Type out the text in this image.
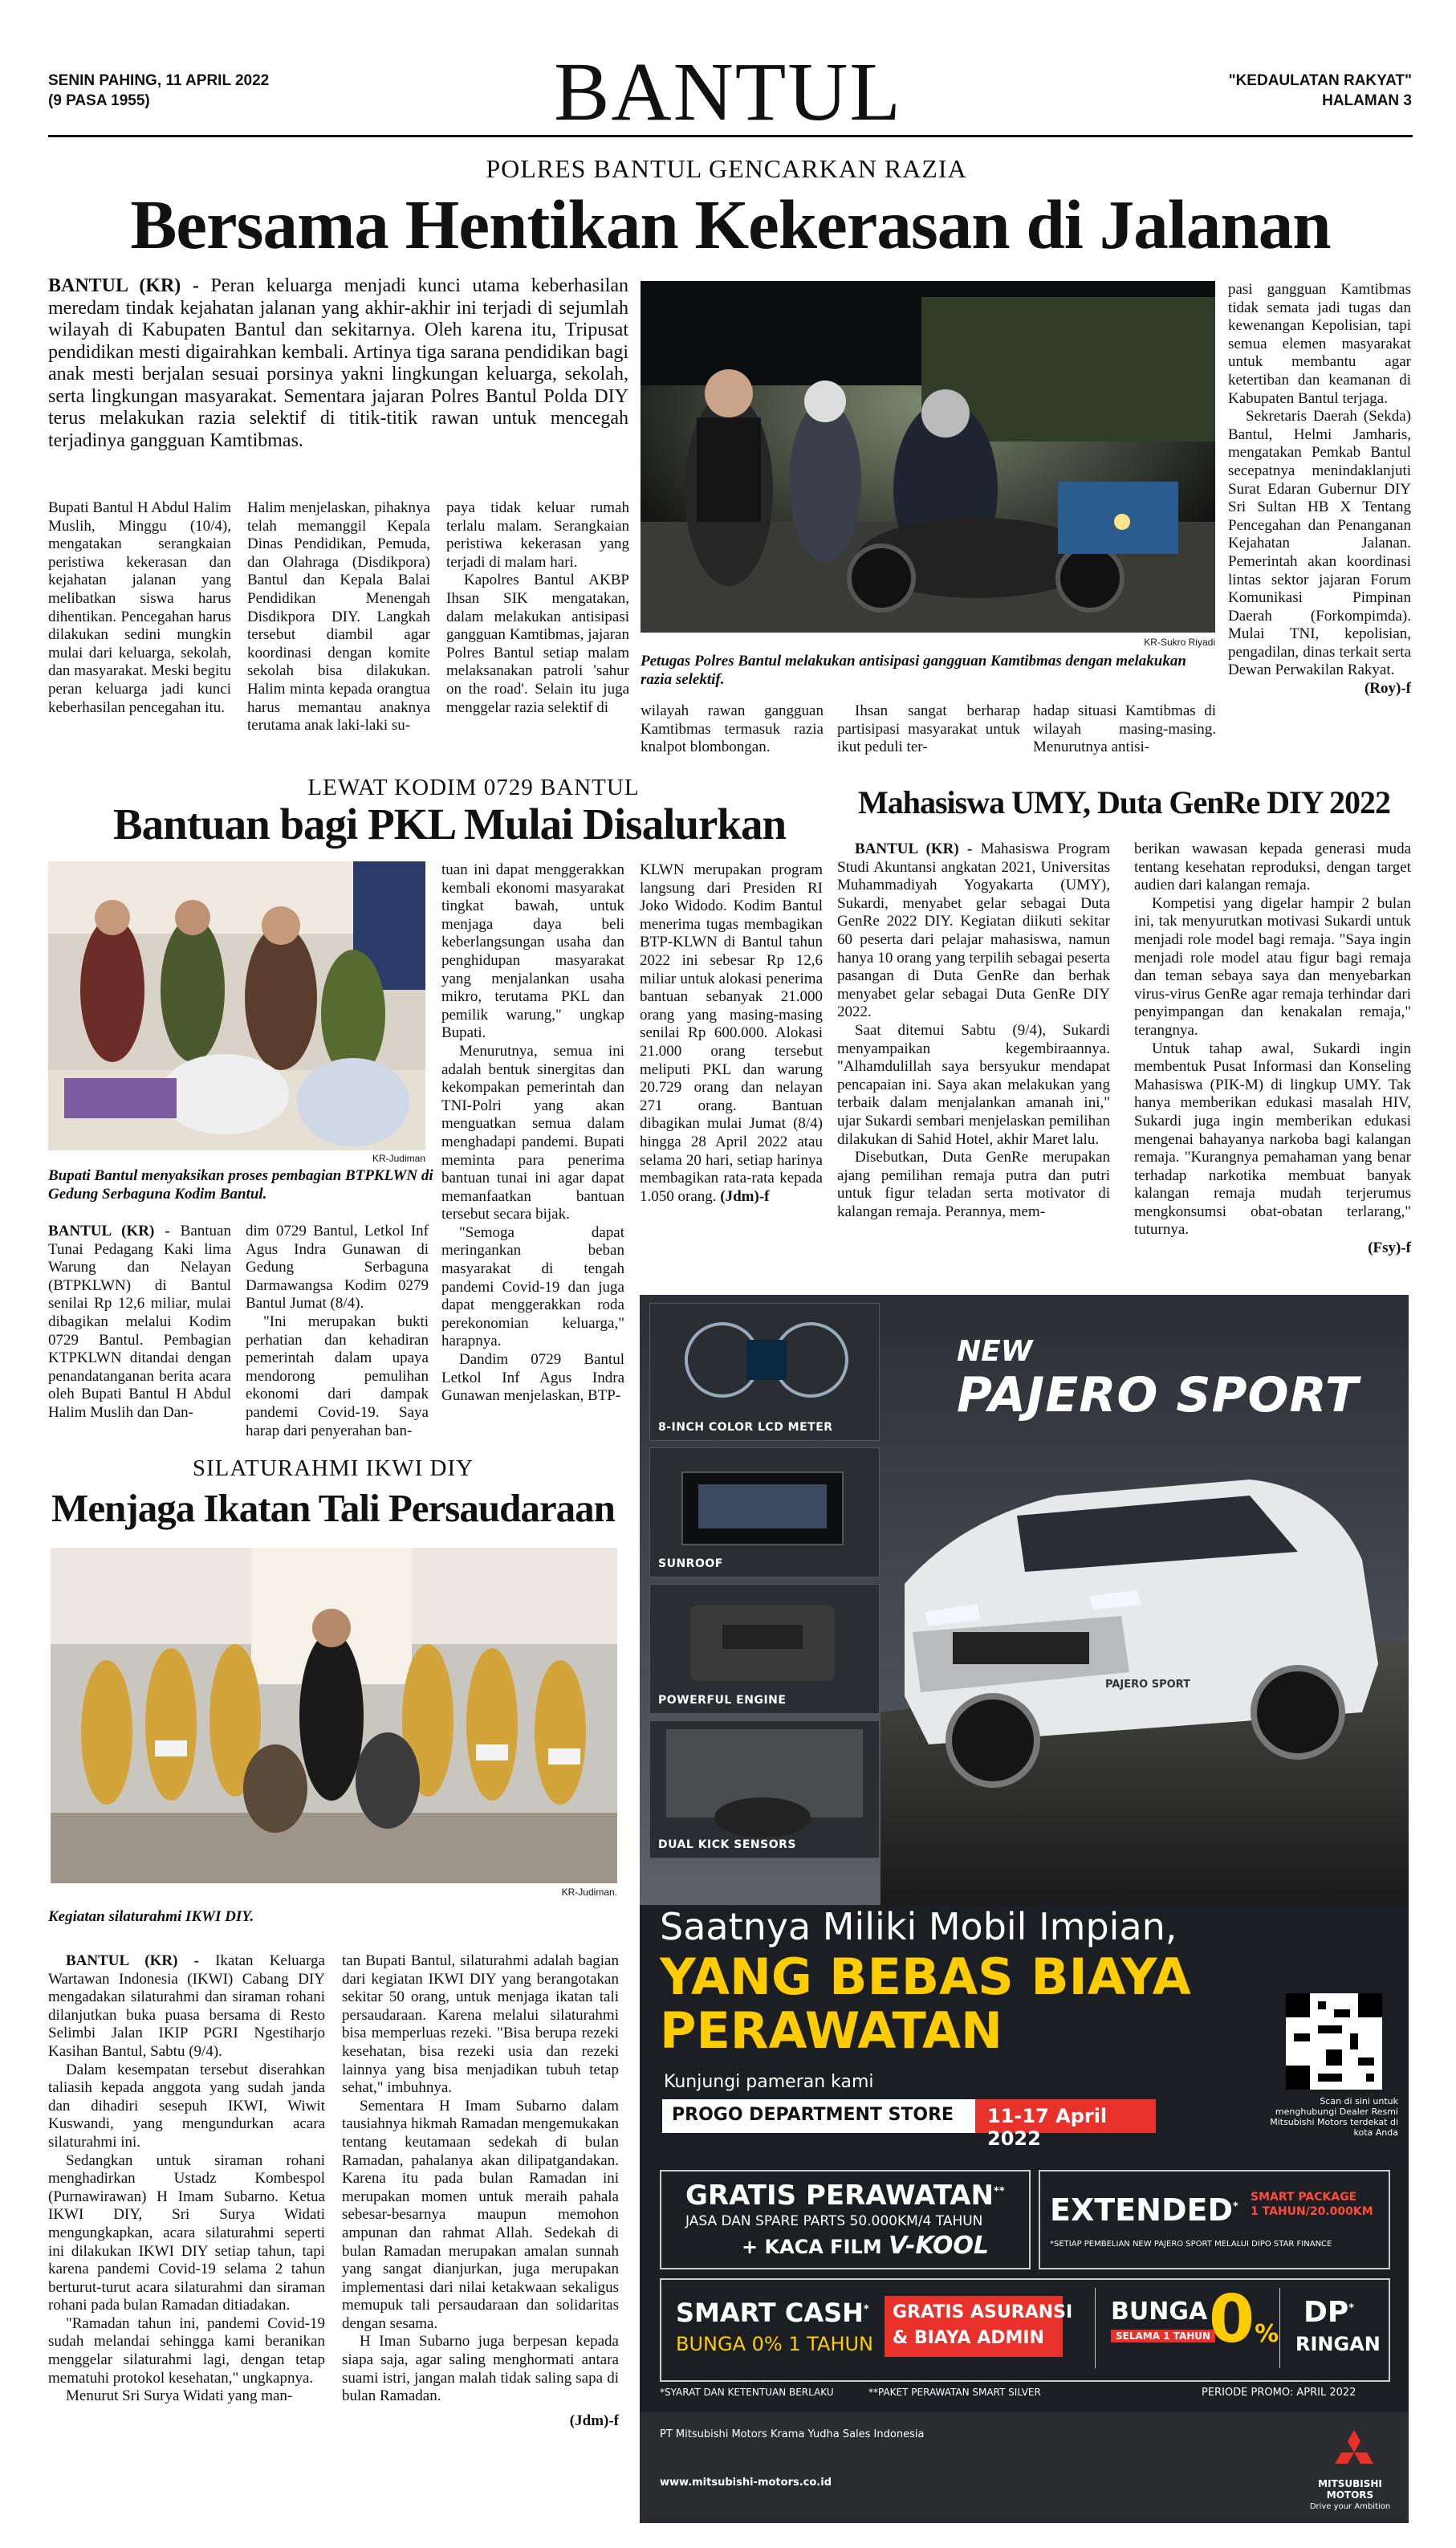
SENIN PAHING, 11 APRIL 2022
(9 PASA 1955)	BANTUL	"KEDAULATAN RAKYAT"
HALAMAN 3
POLRES BANTUL GENCARKAN RAZIA
Bersama Hentikan Kekerasan di Jalanan
BANTUL (KR) - Peran keluarga menjadi kunci utama keberhasilan meredam tindak kejahatan jalanan yang akhir-akhir ini terjadi di sejumlah wilayah di Kabupaten Bantul dan sekitarnya. Oleh karena itu, Tripusat pendidikan mesti digairahkan kembali. Artinya tiga sarana pendidikan bagi anak mesti berjalan sesuai porsinya yakni lingkungan keluarga, sekolah, serta lingkungan masyarakat. Sementara jajaran Polres Bantul Polda DIY terus melakukan razia selektif di titik-titik rawan untuk mencegah terjadinya gangguan Kamtibmas.
KR-Sukro Riyadi
Petugas Polres Bantul melakukan antisipasi gangguan Kamtibmas dengan melakukan razia selektif.

Bupati Bantul H Abdul Halim Muslih, Minggu (10/4), mengatakan serangkaian peristiwa kekerasan dan kejahatan jalanan yang melibatkan siswa harus dihentikan. Pencegahan harus dilakukan sedini mungkin mulai dari keluarga, sekolah, dan masyarakat. Meski begitu peran keluarga jadi kunci keberhasilan pencegahan itu.

Halim menjelaskan, pihaknya telah memanggil Kepala Dinas Pendidikan, Pemuda, dan Olahraga (Disdikpora) Bantul dan Kepala Balai Pendidikan Menengah Disdikpora DIY. Langkah tersebut diambil agar koordinasi dengan komite sekolah bisa dilakukan. Halim minta kepada orangtua harus memantau anaknya terutama anak laki-laki su-

paya tidak keluar rumah terlalu malam. Serangkaian peristiwa kekerasan yang terjadi di malam hari.

Kapolres Bantul AKBP Ihsan SIK mengatakan, dalam melakukan antisipasi gangguan Kamtibmas, jajaran Polres Bantul setiap malam melaksanakan patroli 'sahur on the road'. Selain itu juga menggelar razia selektif di

pasi gangguan Kamtibmas tidak semata jadi tugas dan kewenangan Kepolisian, tapi semua elemen masyarakat untuk membantu agar ketertiban dan keamanan di Kabupaten Bantul terjaga.

Sekretaris Daerah (Sekda) Bantul, Helmi Jamharis, mengatakan Pemkab Bantul secepatnya menindaklanjuti Surat Edaran Gubernur DIY Sri Sultan HB X Tentang Pencegahan dan Penanganan Kejahatan Jalanan. Pemerintah akan koordinasi lintas sektor jajaran Forum Komunikasi Pimpinan Daerah (Forkompimda). Mulai TNI, kepolisian, pengadilan, dinas terkait serta Dewan Perwakilan Rakyat.

(Roy)-f

wilayah rawan gangguan Kamtibmas termasuk razia knalpot blombongan.

Ihsan sangat berharap partisipasi masyarakat untuk ikut peduli ter-

hadap situasi Kamtibmas di wilayah masing-masing. Menurutnya antisi-

LEWAT KODIM 0729 BANTUL
Bantuan bagi PKL Mulai Disalurkan
KR-Judiman
Bupati Bantul menyaksikan proses pembagian BTPKLWN di Gedung Serbaguna Kodim Bantul.

BANTUL (KR) - Bantuan Tunai Pedagang Kaki lima Warung dan Nelayan (BTPKLWN) di Bantul senilai Rp 12,6 miliar, mulai dibagikan melalui Kodim 0729 Bantul. Pembagian KTPKLWN ditandai dengan penandatanganan berita acara oleh Bupati Bantul H Abdul Halim Muslih dan Dan-

dim 0729 Bantul, Letkol Inf Agus Indra Gunawan di Gedung Serbaguna Darmawangsa Kodim 0279 Bantul Jumat (8/4).

"Ini merupakan bukti perhatian dan kehadiran pemerintah dalam upaya mendorong pemulihan ekonomi dari dampak pandemi Covid-19. Saya harap dari penyerahan ban-

tuan ini dapat menggerakkan kembali ekonomi masyarakat tingkat bawah, untuk menjaga daya beli keberlangsungan usaha dan penghidupan masyarakat yang menjalankan usaha mikro, terutama PKL dan pemilik warung," ungkap Bupati.

Menurutnya, semua ini adalah bentuk sinergitas dan kekompakan pemerintah dan TNI-Polri yang akan menguatkan semua dalam menghadapi pandemi. Bupati meminta para penerima bantuan tunai ini agar dapat memanfaatkan bantuan tersebut secara bijak.

"Semoga dapat meringankan beban masyarakat di tengah pandemi Covid-19 dan juga dapat menggerakkan roda perekonomian keluarga," harapnya.

Dandim 0729 Bantul Letkol Inf Agus Indra Gunawan menjelaskan, BTP-

KLWN merupakan program langsung dari Presiden RI Joko Widodo. Kodim Bantul menerima tugas membagikan BTP-KLWN di Bantul tahun 2022 ini sebesar Rp 12,6 miliar untuk alokasi penerima bantuan sebanyak 21.000 orang yang masing-masing senilai Rp 600.000. Alokasi 21.000 orang tersebut meliputi PKL dan warung 20.729 orang dan nelayan 271 orang. Bantuan dibagikan mulai Jumat (8/4) hingga 28 April 2022 atau selama 20 hari, setiap harinya membagikan rata-rata kepada 1.050 orang. (Jdm)-f

Mahasiswa UMY, Duta GenRe DIY 2022

BANTUL (KR) - Mahasiswa Program Studi Akuntansi angkatan 2021, Universitas Muhammadiyah Yogyakarta (UMY), Sukardi, menyabet gelar sebagai Duta GenRe 2022 DIY. Kegiatan diikuti sekitar 60 peserta dari pelajar mahasiswa, namun hanya 10 orang yang terpilih sebagai peserta pasangan di Duta GenRe dan berhak menyabet gelar sebagai Duta GenRe DIY 2022.

Saat ditemui Sabtu (9/4), Sukardi menyampaikan kegembiraannya. "Alhamdulillah saya bersyukur mendapat pencapaian ini. Saya akan melakukan yang terbaik dalam menjalankan amanah ini," ujar Sukardi sembari menjelaskan pemilihan dilakukan di Sahid Hotel, akhir Maret lalu.

Disebutkan, Duta GenRe merupakan ajang pemilihan remaja putra dan putri untuk figur teladan serta motivator di kalangan remaja. Perannya, mem-

berikan wawasan kepada generasi muda tentang kesehatan reproduksi, dengan target audien dari kalangan remaja.

Kompetisi yang digelar hampir 2 bulan ini, tak menyurutkan motivasi Sukardi untuk menjadi role model bagi remaja. "Saya ingin menjadi role model atau figur bagi remaja dan teman sebaya saya dan menyebarkan virus-virus GenRe agar remaja terhindar dari penyimpangan dan kenakalan remaja," terangnya.

Untuk tahap awal, Sukardi ingin membentuk Pusat Informasi dan Konseling Mahasiswa (PIK-M) di lingkup UMY. Tak hanya memberikan edukasi masalah HIV, Sukardi juga ingin memberikan edukasi mengenai bahayanya narkoba bagi kalangan remaja. "Kurangnya pemahaman yang benar terhadap narkotika membuat banyak kalangan remaja mudah terjerumus mengkonsumsi obat-obatan terlarang," tuturnya.

(Fsy)-f
SILATURAHMI IKWI DIY
Menjaga Ikatan Tali Persaudaraan
KR-Judiman.
Kegiatan silaturahmi IKWI DIY.

BANTUL (KR) - Ikatan Keluarga Wartawan Indonesia (IKWI) Cabang DIY mengadakan silaturahmi dan siraman rohani dilanjutkan buka puasa bersama di Resto Selimbi Jalan IKIP PGRI Ngestiharjo Kasihan Bantul, Sabtu (9/4).

Dalam kesempatan tersebut diserahkan taliasih kepada anggota yang sudah janda dan dihadiri sesepuh IKWI, Wiwit Kuswandi, yang mengundurkan acara silaturahmi ini.

Sedangkan untuk siraman rohani menghadirkan Ustadz Kombespol (Purnawirawan) H Imam Subarno. Ketua IKWI DIY, Sri Surya Widati mengungkapkan, acara silaturahmi seperti ini dilakukan IKWI DIY setiap tahun, tapi karena pandemi Covid-19 selama 2 tahun berturut-turut acara silaturahmi dan siraman rohani pada bulan Ramadan ditiadakan.

"Ramadan tahun ini, pandemi Covid-19 sudah melandai sehingga kami beranikan menggelar silaturahmi lagi, dengan tetap mematuhi protokol kesehatan," ungkapnya.

Menurut Sri Surya Widati yang man-

tan Bupati Bantul, silaturahmi adalah bagian dari kegiatan IKWI DIY yang berangotakan sekitar 50 orang, untuk menjaga ikatan tali persaudaraan. Karena melalui silaturahmi bisa memperluas rezeki. "Bisa berupa rezeki kesehatan, bisa rezeki usia dan rezeki lainnya yang bisa menjadikan tubuh tetap sehat," imbuhnya.

Sementara H Imam Subarno dalam tausiahnya hikmah Ramadan mengemukakan tentang keutamaan sedekah di bulan Ramadan, pahalanya akan dilipatgandakan. Karena itu pada bulan Ramadan ini merupakan momen untuk meraih pahala sebesar-besarnya maupun memohon ampunan dan rahmat Allah. Sedekah di bulan Ramadan merupakan amalan sunnah yang sangat dianjurkan, juga merupakan implementasi dari nilai ketakwaan sekaligus memupuk tali persaudaraan dan solidaritas dengan sesama.

H Iman Subarno juga berpesan kepada siapa saja, agar saling menghormati antara suami istri, jangan malah tidak saling sapa di bulan Ramadan.

(Jdm)-f
NEW
PAJERO SPORT
8-INCH COLOR LCD METER
SUNROOF
POWERFUL ENGINE
DUAL KICK SENSORS
PAJERO SPORT
Saatnya Miliki Mobil Impian,
YANG BEBAS BIAYA
PERAWATAN
Kunjungi pameran kami
PROGO DEPARTMENT STORE 11-17 April 2022
Scan di sini untuk menghubungi Dealer Resmi Mitsubishi Motors terdekat di kota Anda
GRATIS PERAWATAN**
JASA DAN SPARE PARTS 50.000KM/4 TAHUN
+ KACA FILM V-KOOL
EXTENDED*
SMART PACKAGE
1 TAHUN/20.000KM
*SETIAP PEMBELIAN NEW PAJERO SPORT MELALUI DIPO STAR FINANCE
SMART CASH*
BUNGA 0% 1 TAHUN
GRATIS ASURANSI
& BIAYA ADMIN
BUNGA
SELAMA 1 TAHUN
0%
DP*
RINGAN
*SYARAT DAN KETENTUAN BERLAKU	**PAKET PERAWATAN SMART SILVER	PERIODE PROMO: APRIL 2022
PT Mitsubishi Motors Krama Yudha Sales Indonesia
www.mitsubishi-motors.co.id	MITSUBISHI MOTORS
Drive your Ambition
